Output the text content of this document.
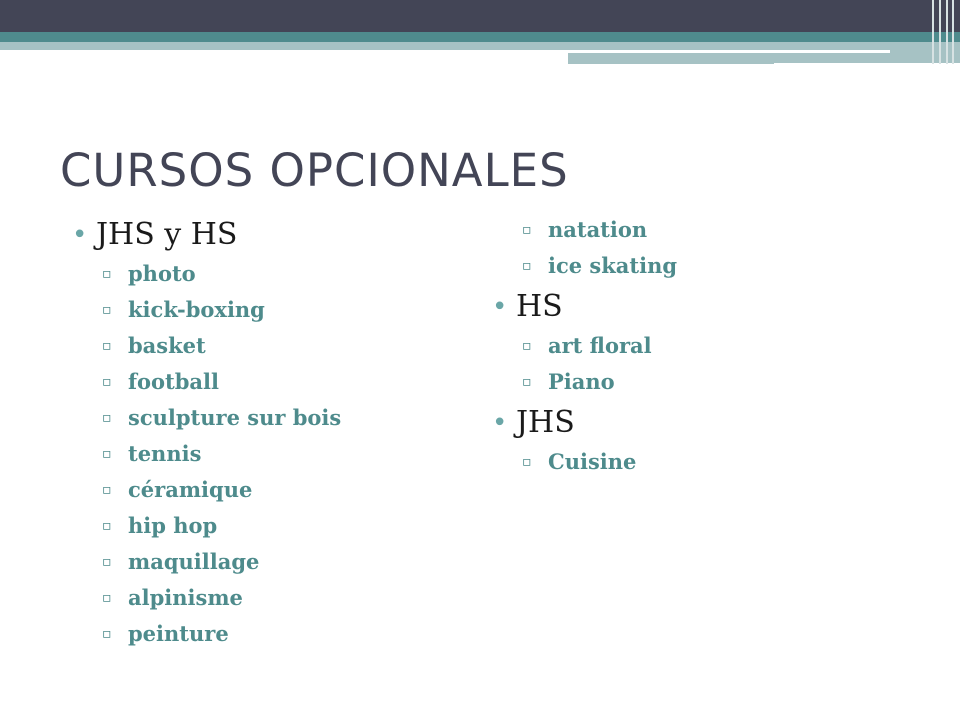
CURSOS OPCIONALES
• JHS y HS
▫ photo
▫ kick-boxing
▫ basket
▫ football
▫ sculpture sur bois
▫ tennis
▫ céramique
▫ hip hop
▫ maquillage
▫ alpinisme
▫ peinture
▫ natation
▫ ice skating
• HS
▫ art floral
▫ Piano
• JHS
▫ Cuisine
